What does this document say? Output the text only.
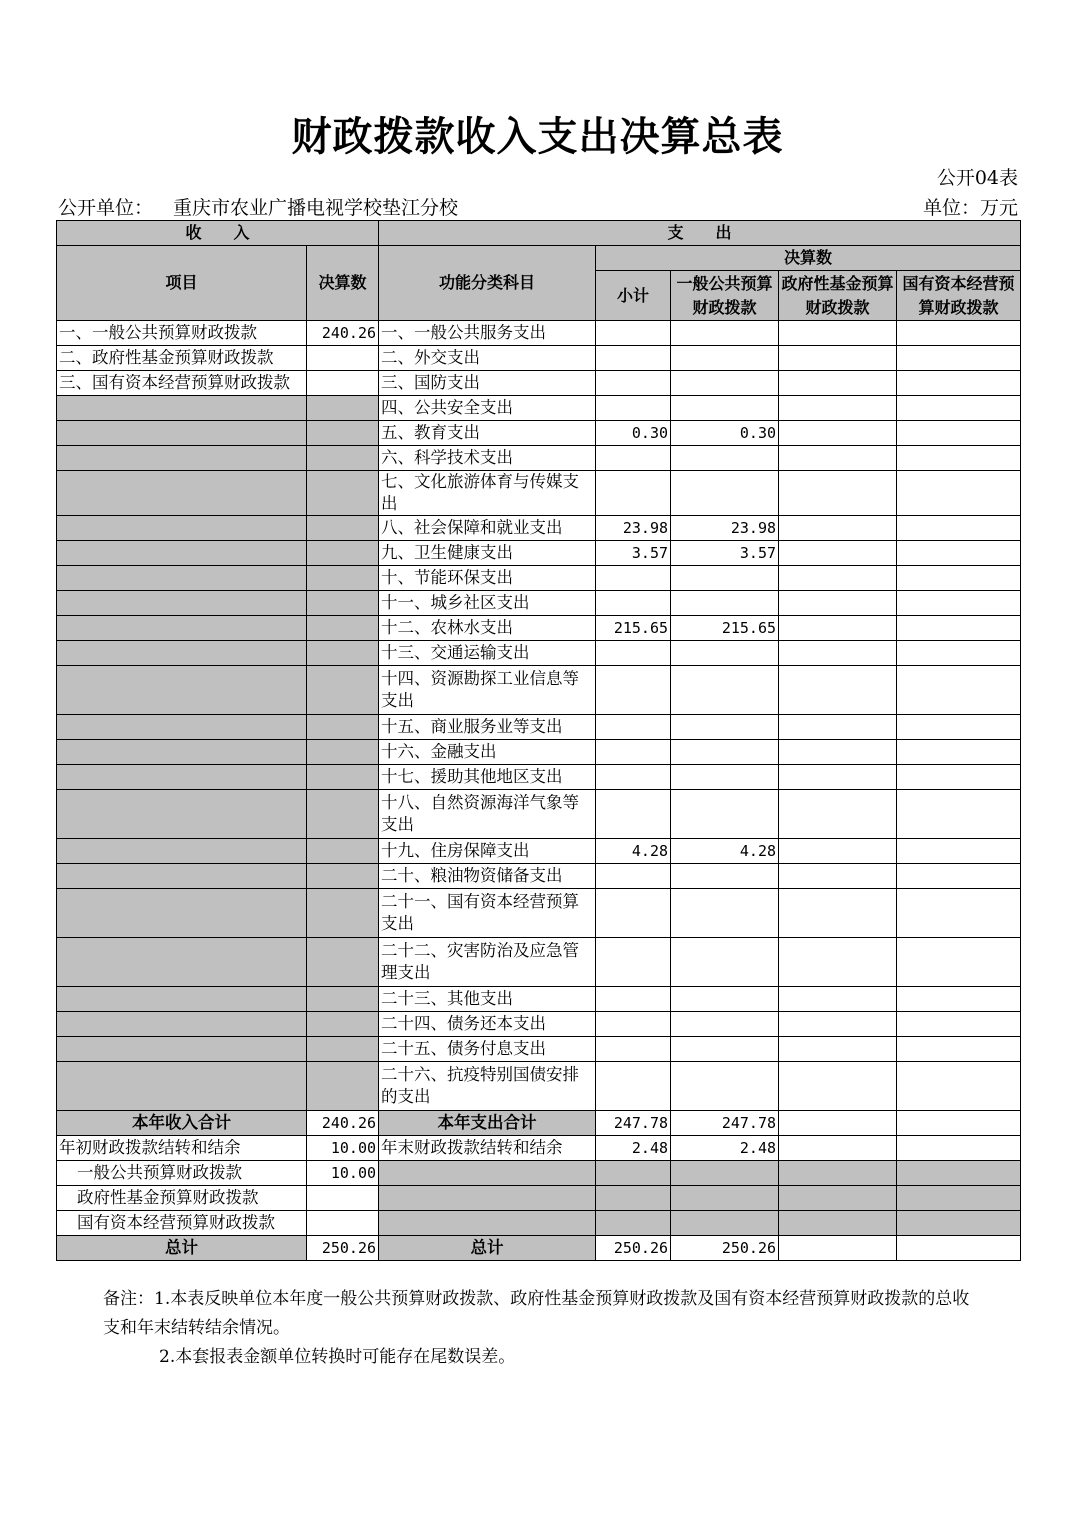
财政拨款收入支出决算总表
公开04表
公开单位： 重庆市农业广播电视学校垫江分校	单位：万元
收　　入		支　　出				
项目	决算数	功能分类科目	决算数			
			小计	一般公共预算财政拨款	政府性基金预算财政拨款	国有资本经营预算财政拨款
一、一般公共预算财政拨款	240.26	一、一般公共服务支出				
二、政府性基金预算财政拨款		二、外交支出				
三、国有资本经营预算财政拨款		三、国防支出				
		四、公共安全支出				
		五、教育支出	0.30	0.30		
		六、科学技术支出				
		七、文化旅游体育与传媒支出				
		八、社会保障和就业支出	23.98	23.98		
		九、卫生健康支出	3.57	3.57		
		十、节能环保支出				
		十一、城乡社区支出				
		十二、农林水支出	215.65	215.65		
		十三、交通运输支出				
		十四、资源勘探工业信息等支出				
		十五、商业服务业等支出				
		十六、金融支出				
		十七、援助其他地区支出				
		十八、自然资源海洋气象等支出				
		十九、住房保障支出	4.28	4.28		
		二十、粮油物资储备支出				
		二十一、国有资本经营预算支出				
		二十二、灾害防治及应急管理支出				
		二十三、其他支出				
		二十四、债务还本支出				
		二十五、债务付息支出				
		二十六、抗疫特别国债安排的支出				
本年收入合计	240.26	本年支出合计	247.78	247.78		
年初财政拨款结转和结余	10.00	年末财政拨款结转和结余	2.48	2.48		
一般公共预算财政拨款	10.00					
政府性基金预算财政拨款						
国有资本经营预算财政拨款						
总计	250.26	总计	250.26	250.26		
备注：1.本表反映单位本年度一般公共预算财政拨款、政府性基金预算财政拨款及国有资本经营预算财政拨款的总收支和年末结转结余情况。
2.本套报表金额单位转换时可能存在尾数误差。
